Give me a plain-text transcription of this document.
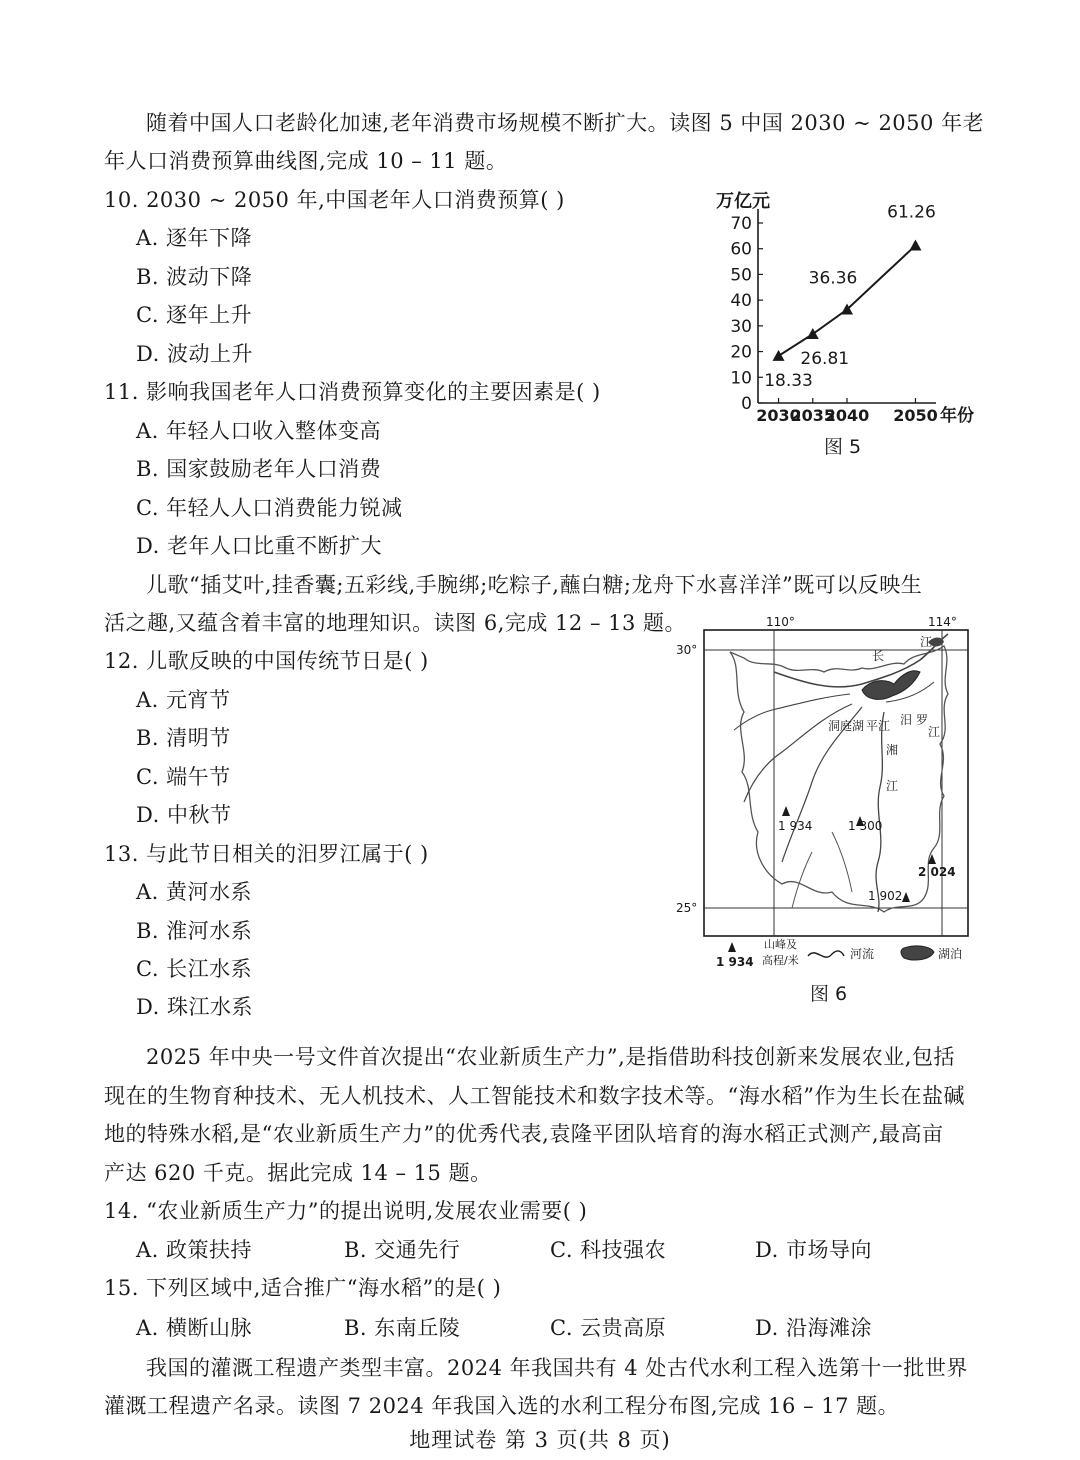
随着中国人口老龄化加速,老年消费市场规模不断扩大。读图 5 中国 2030 ~ 2050 年老
年人口消费预算曲线图,完成 10 – 11 题。
10. 2030 ~ 2050 年,中国老年人口消费预算( )
A. 逐年下降
B. 波动下降
C. 逐年上升
D. 波动上升
11. 影响我国老年人口消费预算变化的主要因素是( )
A. 年轻人口收入整体变高
B. 国家鼓励老年人口消费
C. 年轻人人口消费能力锐减
D. 老年人口比重不断扩大
万亿元
0
10
20
30
40
50
60
70
2030
2035
2040 2050 年份
18.33
26.81
36.36
61.26
图 5
儿歌“插艾叶,挂香囊;五彩线,手腕绑;吃粽子,蘸白糖;龙舟下水喜洋洋”既可以反映生
活之趣,又蕴含着丰富的地理知识。读图 6,完成 12 – 13 题。
12. 儿歌反映的中国传统节日是( )
A. 元宵节
B. 清明节
C. 端午节
D. 中秋节
13. 与此节日相关的汨罗江属于( )
A. 黄河水系
B. 淮河水系
C. 长江水系
D. 珠江水系
110°	114°
30°
25°
长
江
洞庭湖 平江 汨 罗
江
湘
江
1 934	1 300
2 024
1 902
1 934
山峰及
高程/米	河流	湖泊
图 6
2025 年中央一号文件首次提出“农业新质生产力”,是指借助科技创新来发展农业,包括
现在的生物育种技术、无人机技术、人工智能技术和数字技术等。“海水稻”作为生长在盐碱
地的特殊水稻,是“农业新质生产力”的优秀代表,袁隆平团队培育的海水稻正式测产,最高亩
产达 620 千克。据此完成 14 – 15 题。
14. “农业新质生产力”的提出说明,发展农业需要( )
A. 政策扶持	B. 交通先行	C. 科技强农	D. 市场导向
15. 下列区域中,适合推广“海水稻”的是( )
A. 横断山脉	B. 东南丘陵	C. 云贵高原	D. 沿海滩涂
我国的灌溉工程遗产类型丰富。2024 年我国共有 4 处古代水利工程入选第十一批世界
灌溉工程遗产名录。读图 7 2024 年我国入选的水利工程分布图,完成 16 – 17 题。
地理试卷 第 3 页(共 8 页)
